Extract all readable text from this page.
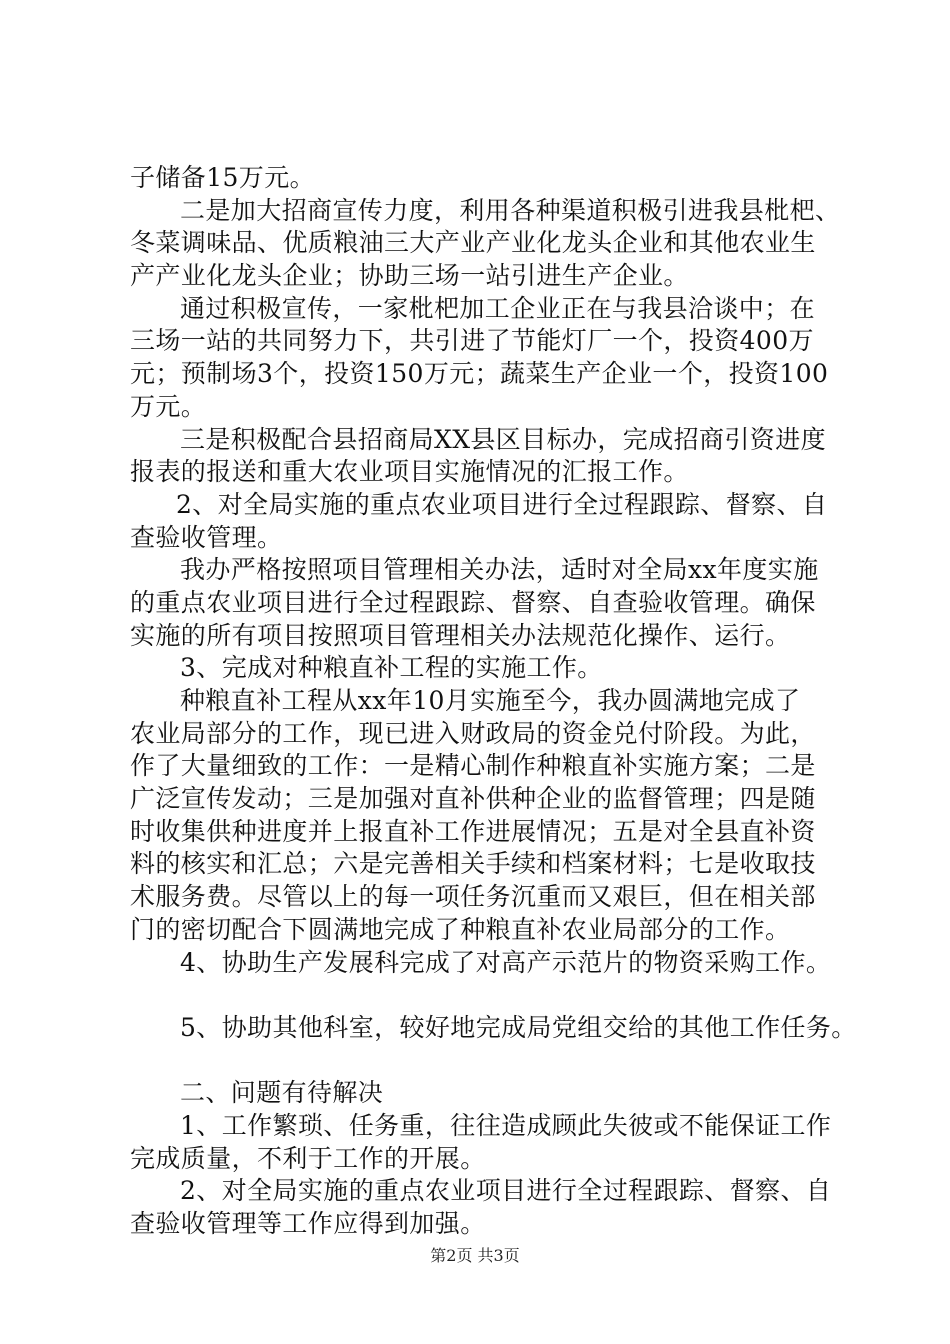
子储备15万元。
二是加大招商宣传力度，利用各种渠道积极引进我县枇杷、
冬菜调味品、优质粮油三大产业产业化龙头企业和其他农业生
产产业化龙头企业；协助三场一站引进生产企业。
通过积极宣传，一家枇杷加工企业正在与我县洽谈中；在
三场一站的共同努力下，共引进了节能灯厂一个，投资400万
元；预制场3个，投资150万元；蔬菜生产企业一个，投资100
万元。
三是积极配合县招商局XX县区目标办，完成招商引资进度
报表的报送和重大农业项目实施情况的汇报工作。
2、对全局实施的重点农业项目进行全过程跟踪、督察、自
查验收管理。
我办严格按照项目管理相关办法，适时对全局xx年度实施
的重点农业项目进行全过程跟踪、督察、自查验收管理。确保
实施的所有项目按照项目管理相关办法规范化操作、运行。
3、完成对种粮直补工程的实施工作。
种粮直补工程从xx年10月实施至今，我办圆满地完成了
农业局部分的工作，现已进入财政局的资金兑付阶段。为此，
作了大量细致的工作：一是精心制作种粮直补实施方案；二是
广泛宣传发动；三是加强对直补供种企业的监督管理；四是随
时收集供种进度并上报直补工作进展情况；五是对全县直补资
料的核实和汇总；六是完善相关手续和档案材料；七是收取技
术服务费。尽管以上的每一项任务沉重而又艰巨，但在相关部
门的密切配合下圆满地完成了种粮直补农业局部分的工作。
4、协助生产发展科完成了对高产示范片的物资采购工作。
5、协助其他科室，较好地完成局党组交给的其他工作任务。
二、问题有待解决
1、工作繁琐、任务重，往往造成顾此失彼或不能保证工作
完成质量，不利于工作的开展。
2、对全局实施的重点农业项目进行全过程跟踪、督察、自
查验收管理等工作应得到加强。
第2页 共3页
